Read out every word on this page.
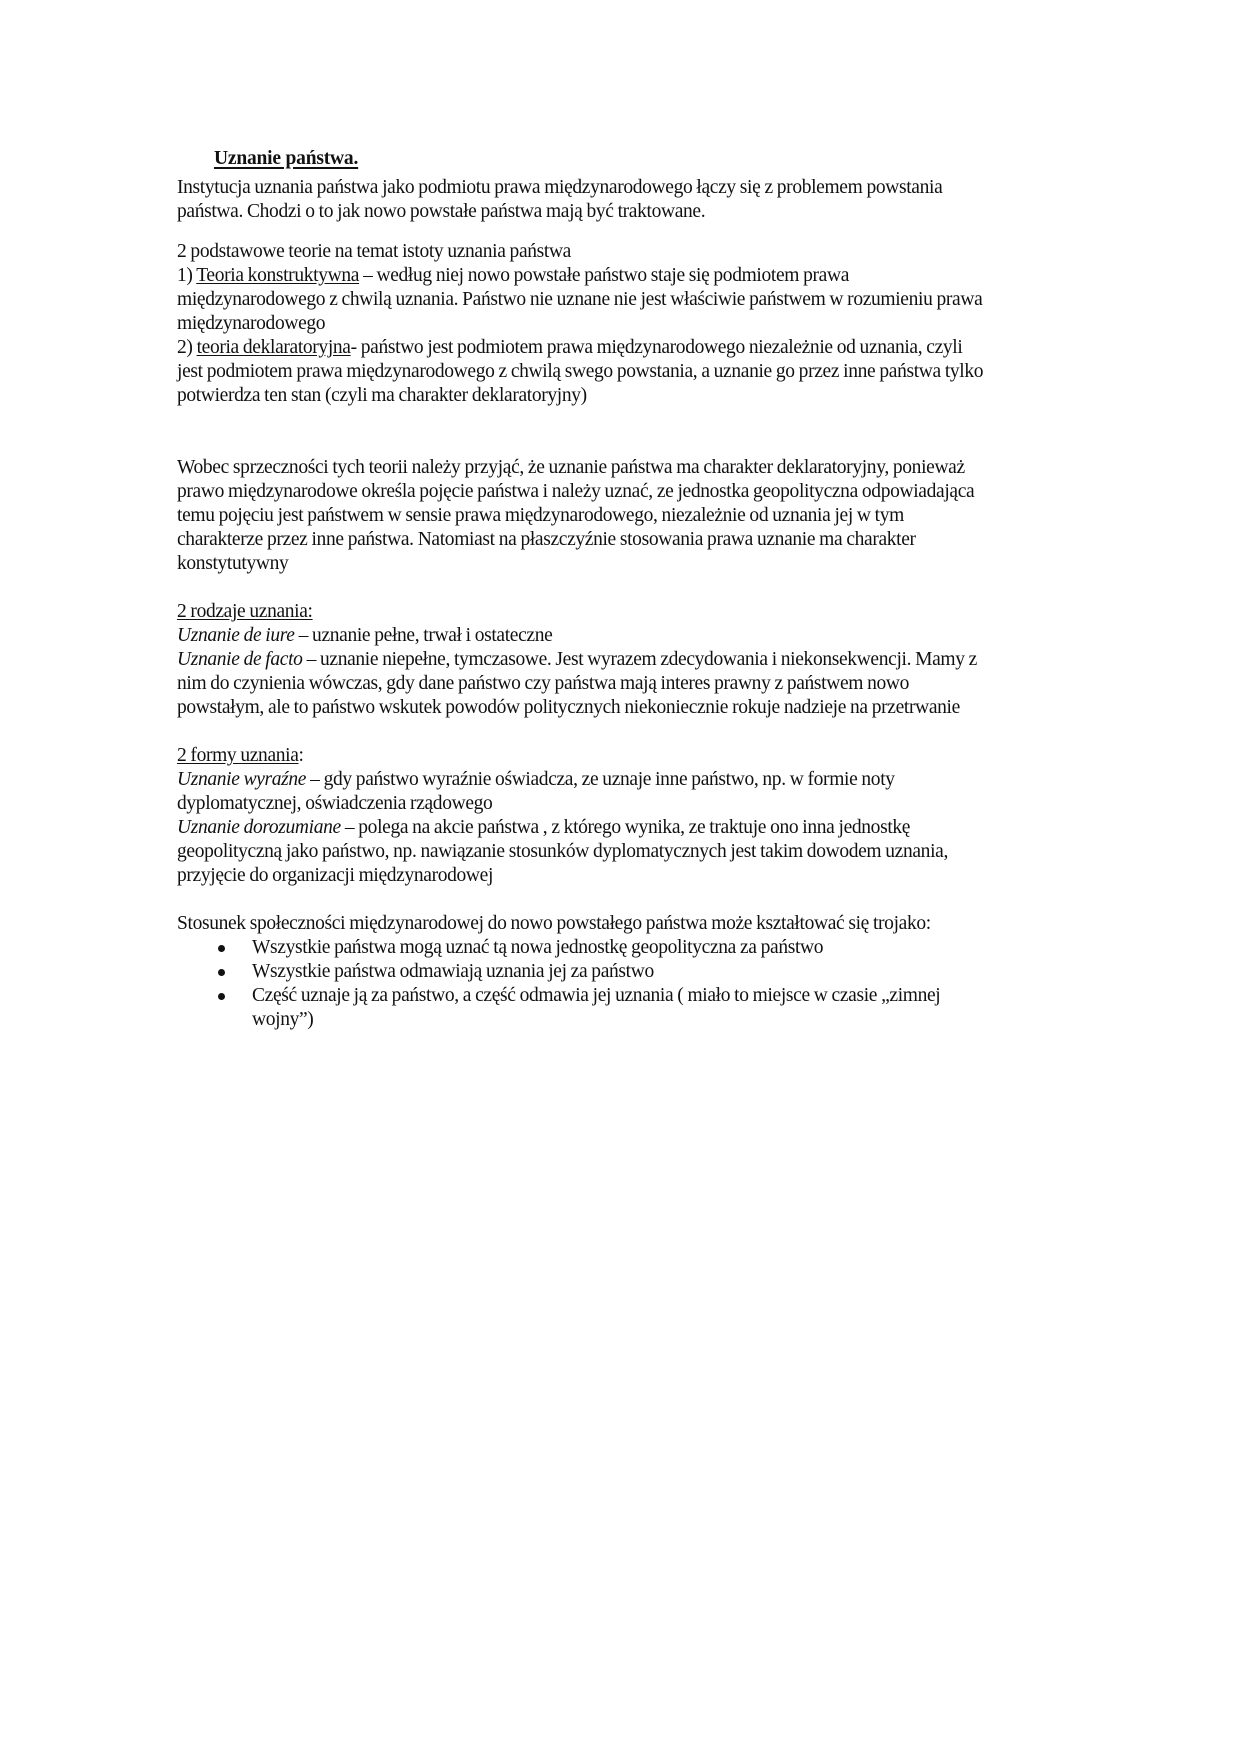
Uznanie państwa.
Instytucja uznania państwa jako podmiotu prawa międzynarodowego łączy się z problemem powstania
państwa. Chodzi o to jak nowo powstałe państwa mają być traktowane.
2 podstawowe teorie na temat istoty uznania państwa
1) Teoria konstruktywna – według niej nowo powstałe państwo staje się podmiotem prawa
międzynarodowego z chwilą uznania. Państwo nie uznane nie jest właściwie państwem w rozumieniu prawa
międzynarodowego
2) teoria deklaratoryjna- państwo jest podmiotem prawa międzynarodowego niezależnie od uznania, czyli
jest podmiotem prawa międzynarodowego z chwilą swego powstania, a uznanie go przez inne państwa tylko
potwierdza ten stan (czyli ma charakter deklaratoryjny)
Wobec sprzeczności tych teorii należy przyjąć, że uznanie państwa ma charakter deklaratoryjny, ponieważ
prawo międzynarodowe określa pojęcie państwa i należy uznać, ze jednostka geopolityczna odpowiadająca
temu pojęciu jest państwem w sensie prawa międzynarodowego, niezależnie od uznania jej w tym
charakterze przez inne państwa. Natomiast na płaszczyźnie stosowania prawa uznanie ma charakter
konstytutywny
2 rodzaje uznania:
Uznanie de iure – uznanie pełne, trwał i ostateczne
Uznanie de facto – uznanie niepełne, tymczasowe. Jest wyrazem zdecydowania i niekonsekwencji. Mamy z
nim do czynienia wówczas, gdy dane państwo czy państwa mają interes prawny z państwem nowo
powstałym, ale to państwo wskutek powodów politycznych niekoniecznie rokuje nadzieje na przetrwanie
2 formy uznania:
Uznanie wyraźne – gdy państwo wyraźnie oświadcza, ze uznaje inne państwo, np. w formie noty
dyplomatycznej, oświadczenia rządowego
Uznanie dorozumiane – polega na akcie państwa , z którego wynika, ze traktuje ono inna jednostkę
geopolityczną jako państwo, np. nawiązanie stosunków dyplomatycznych jest takim dowodem uznania,
przyjęcie do organizacji międzynarodowej
Stosunek społeczności międzynarodowej do nowo powstałego państwa może kształtować się trojako:
Wszystkie państwa mogą uznać tą nowa jednostkę geopolityczna za państwo
Wszystkie państwa odmawiają uznania jej za państwo
Część uznaje ją za państwo, a część odmawia jej uznania ( miało to miejsce w czasie „zimnej
wojny”)
